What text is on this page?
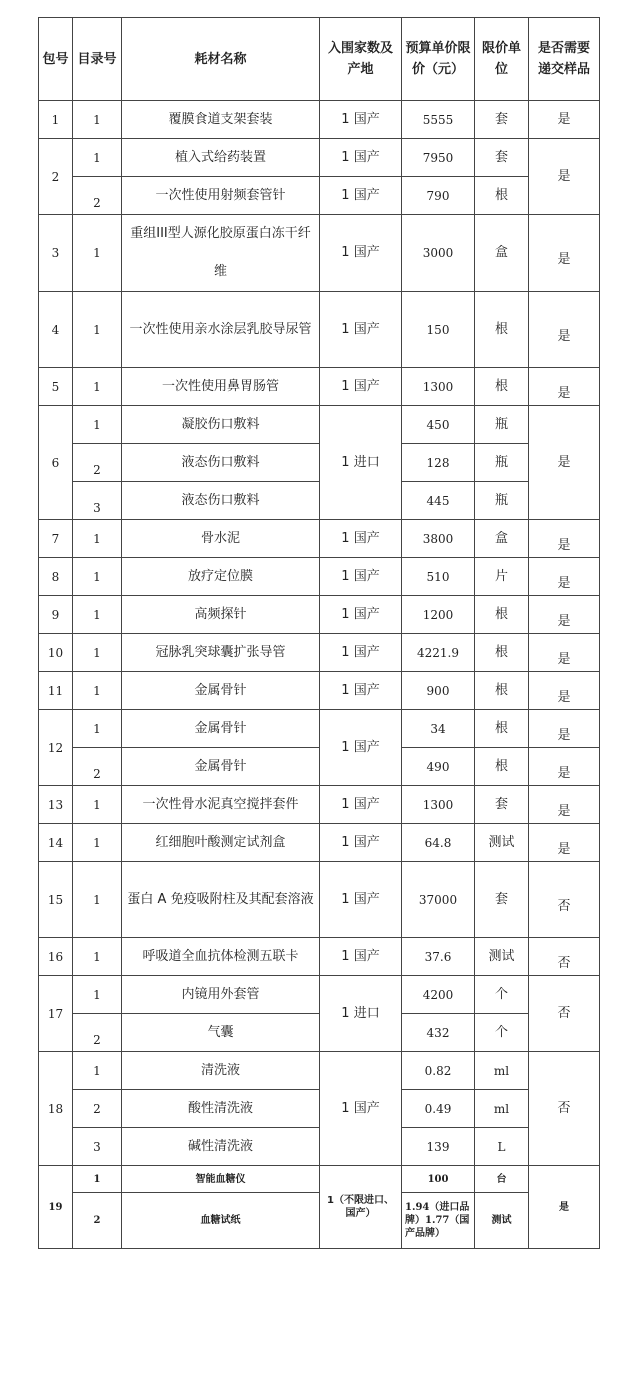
包号	目录号	耗材名称	入围家数及产地	预算单价限价（元）	限价单位	是否需要递交样品
1	1	覆膜食道支架套装	1 国产	5555	套	是
2	1	植入式给药装置	1 国产	7950	套	是
	2	一次性使用射频套管针	1 国产	790	根	
3	1	重组III型人源化胶原蛋白冻干纤维	1 国产	3000	盒	是
4	1	一次性使用亲水涂层乳胶导尿管	1 国产	150	根	是
5	1	一次性使用鼻胃肠管	1 国产	1300	根	是
6	1	凝胶伤口敷料	1 进口	450	瓶	是
	2	液态伤口敷料		128	瓶	
	3	液态伤口敷料		445	瓶	
7	1	骨水泥	1 国产	3800	盒	是
8	1	放疗定位膜	1 国产	510	片	是
9	1	高频探针	1 国产	1200	根	是
10	1	冠脉乳突球囊扩张导管	1 国产	4221.9	根	是
11	1	金属骨针	1 国产	900	根	是
12	1	金属骨针	1 国产	34	根	是
	2	金属骨针		490	根	是
13	1	一次性骨水泥真空搅拌套件	1 国产	1300	套	是
14	1	红细胞叶酸测定试剂盒	1 国产	64.8	测试	是
15	1	蛋白 A 免疫吸附柱及其配套溶液	1 国产	37000	套	否
16	1	呼吸道全血抗体检测五联卡	1 国产	37.6	测试	否
17	1	内镜用外套管	1 进口	4200	个	否
	2	气囊		432	个	
18	1	清洗液	1 国产	0.82	ml	否
	2	酸性清洗液		0.49	ml	
	3	碱性清洗液		139	L	
19	1	智能血糖仪	1（不限进口、国产）	100	台	是
	2	血糖试纸		1.94（进口品牌）1.77（国产品牌）	测试	
